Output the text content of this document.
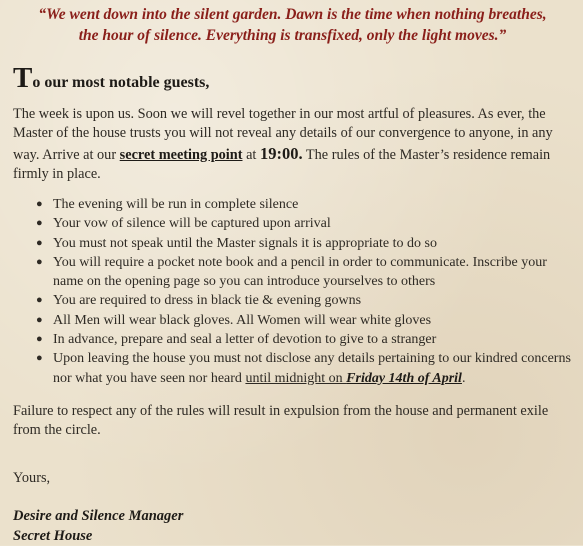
“We went down into the silent garden. Dawn is the time when nothing breathes,
the hour of silence. Everything is transfixed, only the light moves.”
To our most notable guests,
The week is upon us. Soon we will revel together in our most artful of pleasures. As ever, the Master of the house trusts you will not reveal any details of our convergence to anyone, in any way. Arrive at our secret meeting point at 19:00. The rules of the Master’s residence remain firmly in place.
● The evening will be run in complete silence
● Your vow of silence will be captured upon arrival
● You must not speak until the Master signals it is appropriate to do so
● You will require a pocket note book and a pencil in order to communicate. Inscribe your name on the opening page so you can introduce yourselves to others
● You are required to dress in black tie & evening gowns
● All Men will wear black gloves. All Women will wear white gloves
● In advance, prepare and seal a letter of devotion to give to a stranger
● Upon leaving the house you must not disclose any details pertaining to our kindred concerns nor what you have seen nor heard until midnight on Friday 14th of April.
Failure to respect any of the rules will result in expulsion from the house and permanent exile from the circle.
Yours,
Desire and Silence Manager
Secret House
